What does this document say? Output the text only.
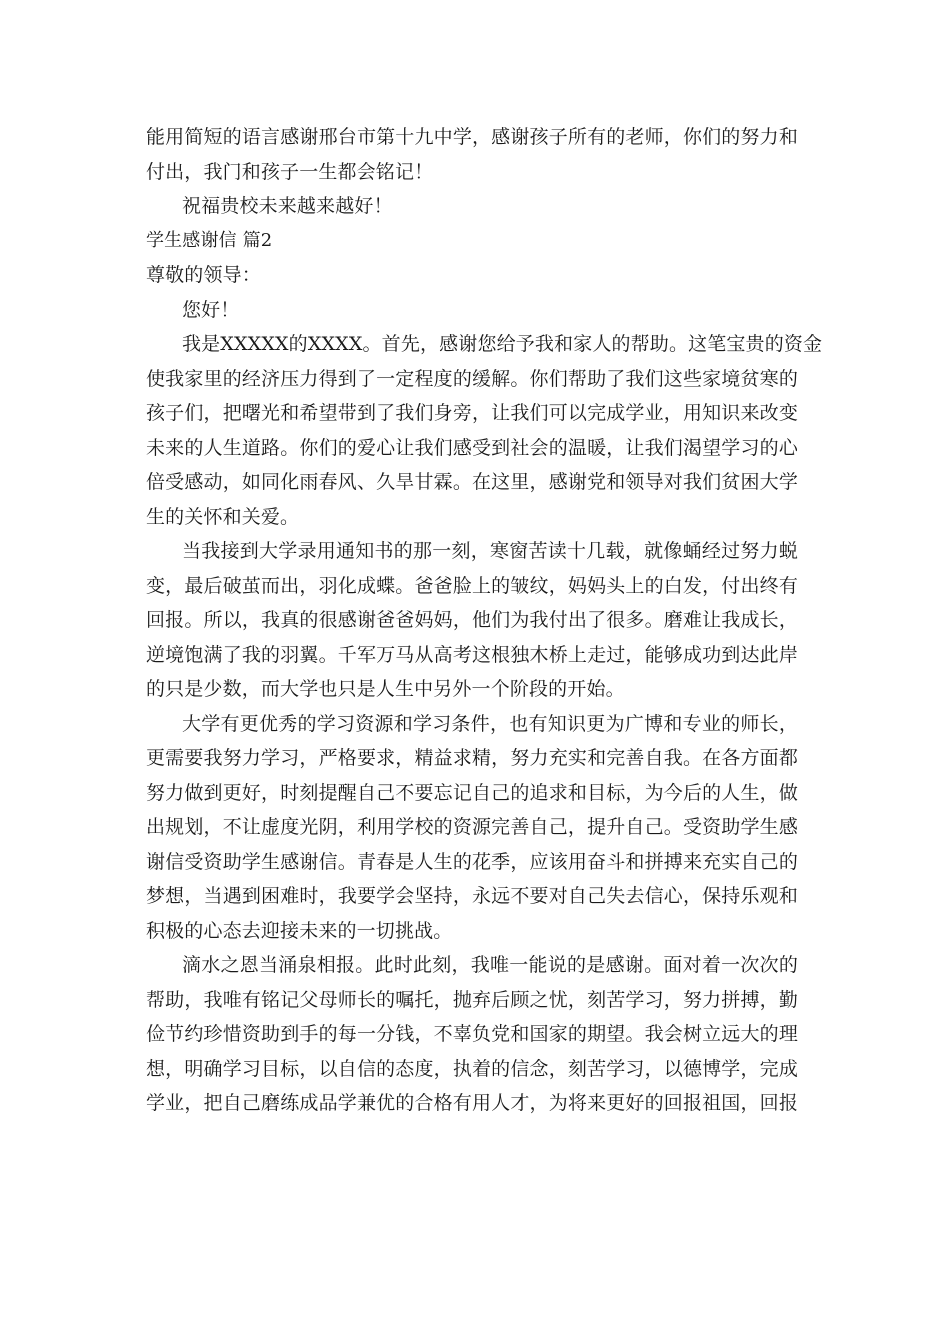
能用简短的语言感谢邢台市第十九中学，感谢孩子所有的老师，你们的努力和
付出，我门和孩子一生都会铭记！
祝福贵校未来越来越好！
学生感谢信 篇2
尊敬的领导：
您好！
我是XXXXX的XXXX。首先，感谢您给予我和家人的帮助。这笔宝贵的资金
使我家里的经济压力得到了一定程度的缓解。你们帮助了我们这些家境贫寒的
孩子们，把曙光和希望带到了我们身旁，让我们可以完成学业，用知识来改变
未来的人生道路。你们的爱心让我们感受到社会的温暖，让我们渴望学习的心
倍受感动，如同化雨春风、久旱甘霖。在这里，感谢党和领导对我们贫困大学
生的关怀和关爱。
当我接到大学录用通知书的那一刻，寒窗苦读十几载，就像蛹经过努力蜕
变，最后破茧而出，羽化成蝶。爸爸脸上的皱纹，妈妈头上的白发，付出终有
回报。所以，我真的很感谢爸爸妈妈，他们为我付出了很多。磨难让我成长，
逆境饱满了我的羽翼。千军万马从高考这根独木桥上走过，能够成功到达此岸
的只是少数，而大学也只是人生中另外一个阶段的开始。
大学有更优秀的学习资源和学习条件，也有知识更为广博和专业的师长，
更需要我努力学习，严格要求，精益求精，努力充实和完善自我。在各方面都
努力做到更好，时刻提醒自己不要忘记自己的追求和目标，为今后的人生，做
出规划，不让虚度光阴，利用学校的资源完善自己，提升自己。受资助学生感
谢信受资助学生感谢信。青春是人生的花季，应该用奋斗和拼搏来充实自己的
梦想，当遇到困难时，我要学会坚持，永远不要对自己失去信心，保持乐观和
积极的心态去迎接未来的一切挑战。
滴水之恩当涌泉相报。此时此刻，我唯一能说的是感谢。面对着一次次的
帮助，我唯有铭记父母师长的嘱托，抛弃后顾之忧，刻苦学习，努力拼搏，勤
俭节约珍惜资助到手的每一分钱，不辜负党和国家的期望。我会树立远大的理
想，明确学习目标，以自信的态度，执着的信念，刻苦学习，以德博学，完成
学业，把自己磨练成品学兼优的合格有用人才，为将来更好的回报祖国，回报
